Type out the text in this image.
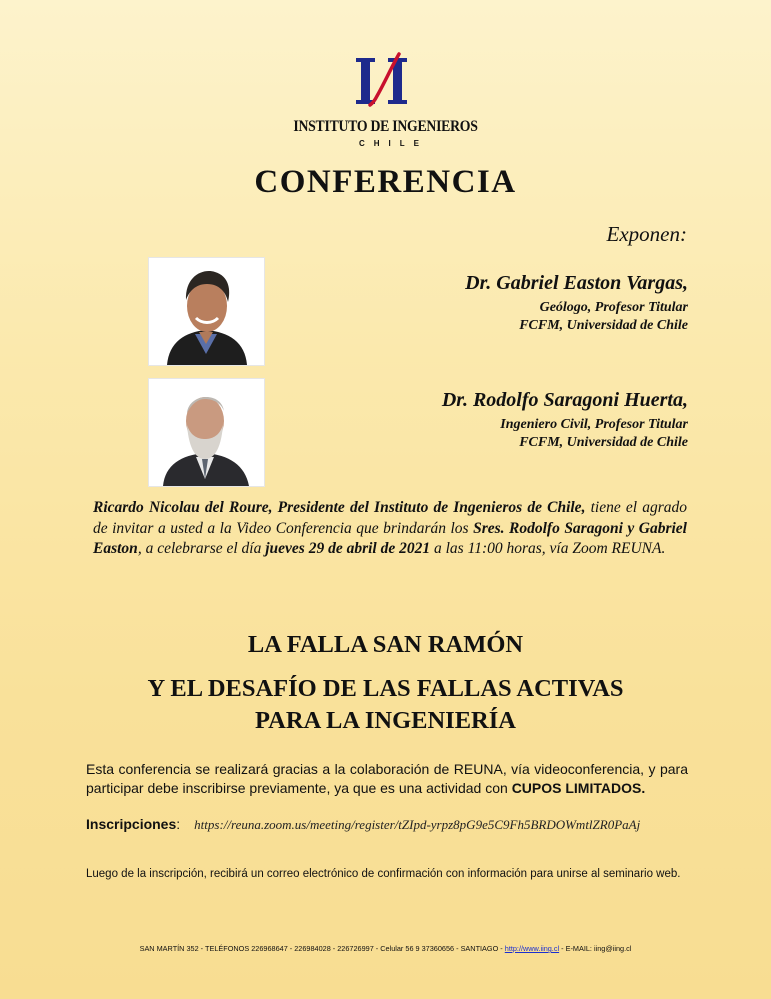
INSTITUTO DE INGENIEROS
CHILE
CONFERENCIA
Exponen:
Dr. Gabriel Easton Vargas,
Geólogo, Profesor Titular
FCFM, Universidad de Chile
Dr. Rodolfo Saragoni Huerta,
Ingeniero Civil, Profesor Titular
FCFM, Universidad de Chile
Ricardo Nicolau del Roure, Presidente del Instituto de Ingenieros de Chile, tiene el agrado de invitar a usted a la Video Conferencia que brindarán los Sres. Rodolfo Saragoni y Gabriel Easton, a celebrarse el día jueves 29 de abril de 2021 a las 11:00 horas, vía Zoom REUNA.
LA FALLA SAN RAMÓN
Y EL DESAFÍO DE LAS FALLAS ACTIVAS
PARA LA INGENIERÍA
Esta conferencia se realizará gracias a la colaboración de REUNA, vía videoconferencia, y para participar debe inscribirse previamente, ya que es una actividad con CUPOS LIMITADOS.
Inscripciones: https://reuna.zoom.us/meeting/register/tZIpd-yrpz8pG9e5C9Fh5BRDOWmtlZR0PaAj
Luego de la inscripción, recibirá un correo electrónico de confirmación con información para unirse al seminario web.
SAN MARTÍN 352 - TELÉFONOS 226968647 - 226984028 - 226726997 - Celular 56 9 37360656 - SANTIAGO - http://www.iing.cl - E-MAIL: iing@iing.cl
